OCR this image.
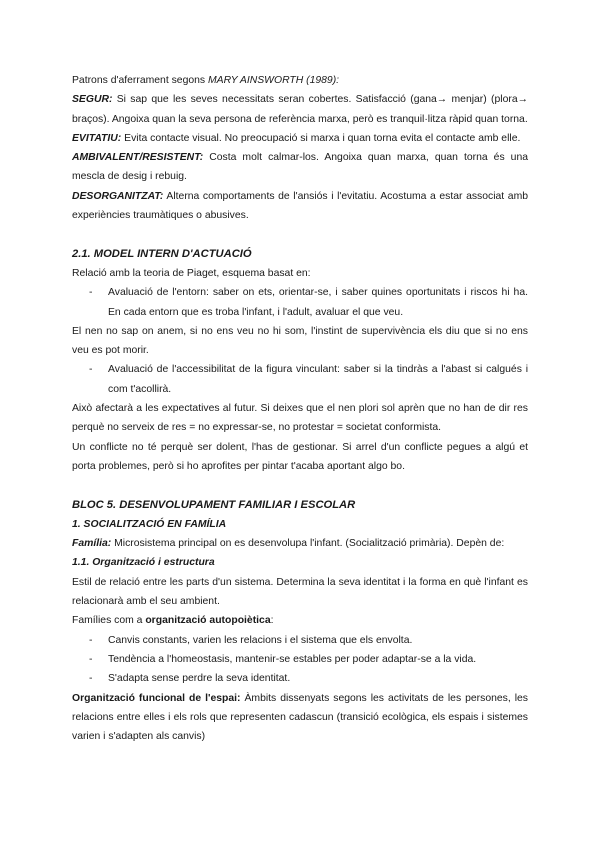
Patrons d'aferrament segons MARY AINSWORTH (1989):

SEGUR: Si sap que les seves necessitats seran cobertes. Satisfacció (gana→ menjar) (plora→ braços). Angoixa quan la seva persona de referència marxa, però es tranquil·litza ràpid quan torna.

EVITATIU: Evita contacte visual. No preocupació si marxa i quan torna evita el contacte amb elle.

AMBIVALENT/RESISTENT: Costa molt calmar-los. Angoixa quan marxa, quan torna és una mescla de desig i rebuig.

DESORGANITZAT: Alterna comportaments de l'ansiós i l'evitatiu. Acostuma a estar associat amb experiències traumàtiques o abusives.

2.1. MODEL INTERN D'ACTUACIÓ

Relació amb la teoria de Piaget, esquema basat en:

- Avaluació de l'entorn: saber on ets, orientar-se, i saber quines oportunitats i riscos hi ha. En cada entorn que es troba l'infant, i l'adult, avaluar el que veu.

El nen no sap on anem, si no ens veu no hi som, l'instint de supervivència els diu que si no ens veu es pot morir.

- Avaluació de l'accessibilitat de la figura vinculant: saber si la tindràs a l'abast si calgués i com t'acollirà.

Això afectarà a les expectatives al futur. Si deixes que el nen plori sol aprèn que no han de dir res perquè no serveix de res = no expressar-se, no protestar = societat conformista.

Un conflicte no té perquè ser dolent, l'has de gestionar. Si arrel d'un conflicte pegues a algú et porta problemes, però si ho aprofites per pintar t'acaba aportant algo bo.

BLOC 5. DESENVOLUPAMENT FAMILIAR I ESCOLAR

1. SOCIALITZACIÓ EN FAMÍLIA

Família: Microsistema principal on es desenvolupa l'infant. (Socialització primària). Depèn de:

1.1. Organització i estructura

Estil de relació entre les parts d'un sistema. Determina la seva identitat i la forma en què l'infant es relacionarà amb el seu ambient.

Famílies com a organització autopoiètica:

- Canvis constants, varien les relacions i el sistema que els envolta.
- Tendència a l'homeostasis, mantenir-se estables per poder adaptar-se a la vida.
- S'adapta sense perdre la seva identitat.

Organització funcional de l'espai: Àmbits dissenyats segons les activitats de les persones, les relacions entre elles i els rols que representen cadascun (transició ecològica, els espais i sistemes varien i s'adapten als canvis)
